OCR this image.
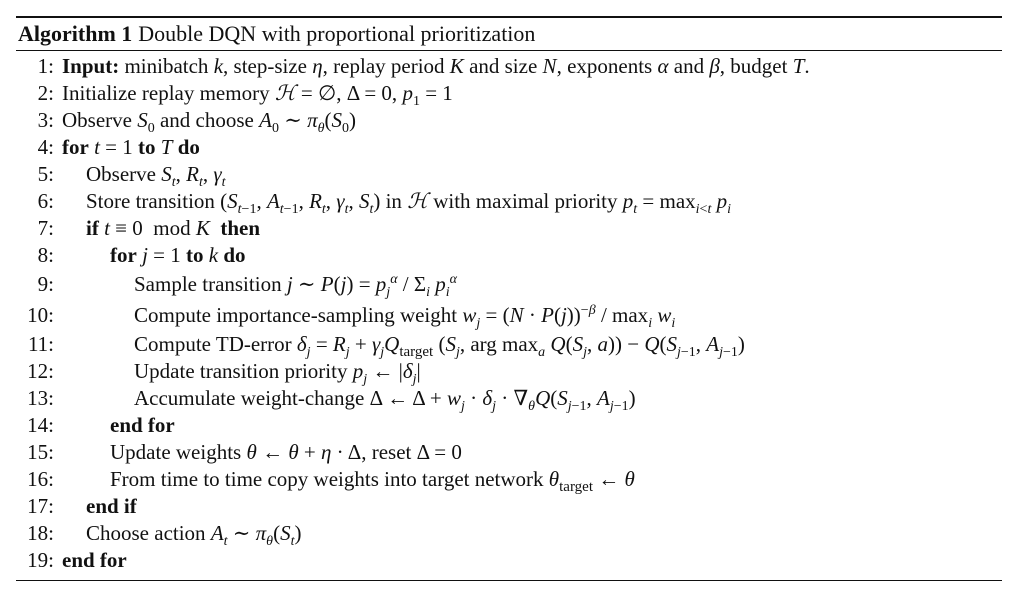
Algorithm 1 Double DQN with proportional prioritization
1: Input: minibatch k, step-size η, replay period K and size N, exponents α and β, budget T.
2: Initialize replay memory ℋ = ∅, Δ = 0, $p_1 = 1$
3: Observe $S_0$ and choose $A_0$ ∼ $\pi_\theta(S_0)$
4: for t = 1 to T do
5:	Observe $S_t$, $R_t$, $\gamma_t$
6:	Store transition ($S_{t-1}$, $A_{t-1}$, $R_t$, $\gamma_t$, $S_t$) in ℋ with maximal priority $p_t = \max_{i<t} p_i$
7:	if t ≡ 0  mod K then
8:	for j = 1 to k do
9:	Sample transition j ∼ $P(j) = p_j^\alpha / \Sigma_i$ $p_i^\alpha$
10:	Compute importance-sampling weight $w_j = (N \cdot P(j))^{-\beta} / \max_i w_i$
11:	Compute TD-error $\delta_j = R_j + \gamma_jQ_{target}$ ($S_j$, arg $\max_a Q(S_j$, $a)) - Q(S_{j-1}$, $A_{j-1}$)
12:	Update transition priority $p_j$ ← $|\delta_j|$
13:	Accumulate weight-change Δ ← $\Delta + w_j \cdot \delta_j \cdot \nabla_\theta Q(S_{j-1}$, $A_{j-1}$)
14:	end for
15:	Update weights θ ← θ + η · Δ, reset Δ = 0
16:	From time to time copy weights into target network $\theta_{target}$ ← θ
17:	end if
18:	Choose action $A_t$ ∼ $\pi_\theta(S_t)$
19: end for
